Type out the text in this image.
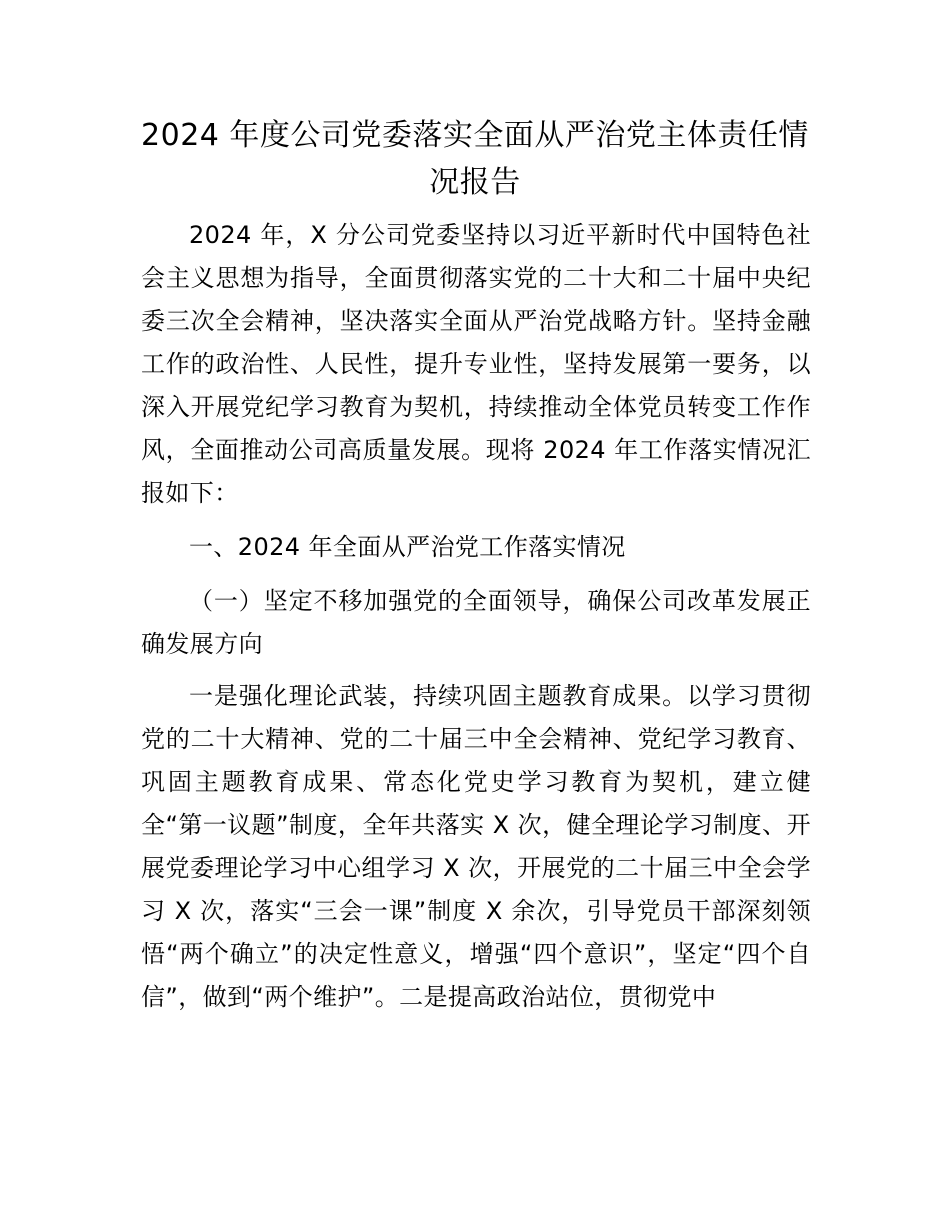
2024 年度公司党委落实全面从严治党主体责任情况报告

2024 年，X 分公司党委坚持以习近平新时代中国特色社会主义思想为指导，全面贯彻落实党的二十大和二十届中央纪委三次全会精神，坚决落实全面从严治党战略方针。坚持金融工作的政治性、人民性，提升专业性，坚持发展第一要务，以深入开展党纪学习教育为契机，持续推动全体党员转变工作作风，全面推动公司高质量发展。现将 2024 年工作落实情况汇报如下：

一、2024 年全面从严治党工作落实情况

（一）坚定不移加强党的全面领导，确保公司改革发展正确发展方向

一是强化理论武装，持续巩固主题教育成果。以学习贯彻党的二十大精神、党的二十届三中全会精神、党纪学习教育、巩固主题教育成果、常态化党史学习教育为契机，建立健全“第一议题”制度，全年共落实 X 次，健全理论学习制度、开展党委理论学习中心组学习 X 次，开展党的二十届三中全会学习 X 次，落实“三会一课”制度 X 余次，引导党员干部深刻领悟“两个确立”的决定性意义，增强“四个意识”，坚定“四个自信”，做到“两个维护”。二是提高政治站位，贯彻党中
